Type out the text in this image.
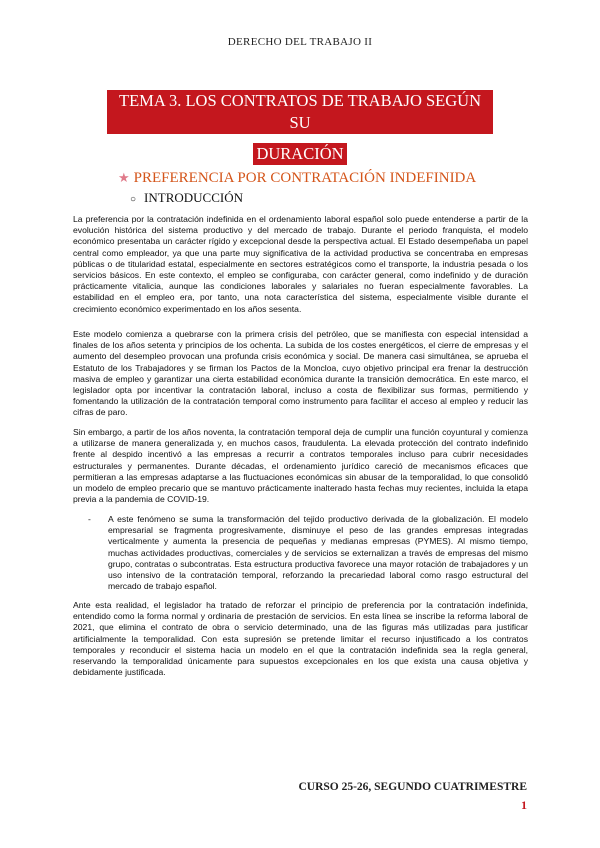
DERECHO DEL TRABAJO II
TEMA 3. LOS CONTRATOS DE TRABAJO SEGÚN SU
DURACIÓN
★ PREFERENCIA POR CONTRATACIÓN INDEFINIDA
○ INTRODUCCIÓN
La preferencia por la contratación indefinida en el ordenamiento laboral español solo puede entenderse a partir de la evolución histórica del sistema productivo y del mercado de trabajo. Durante el periodo franquista, el modelo económico presentaba un carácter rígido y excepcional desde la perspectiva actual. El Estado desempeñaba un papel central como empleador, ya que una parte muy significativa de la actividad productiva se concentraba en empresas públicas o de titularidad estatal, especialmente en sectores estratégicos como el transporte, la industria pesada o los servicios básicos. En este contexto, el empleo se configuraba, con carácter general, como indefinido y de duración prácticamente vitalicia, aunque las condiciones laborales y salariales no fueran especialmente favorables. La estabilidad en el empleo era, por tanto, una nota característica del sistema, especialmente visible durante el crecimiento económico experimentado en los años sesenta.
Este modelo comienza a quebrarse con la primera crisis del petróleo, que se manifiesta con especial intensidad a finales de los años setenta y principios de los ochenta. La subida de los costes energéticos, el cierre de empresas y el aumento del desempleo provocan una profunda crisis económica y social. De manera casi simultánea, se aprueba el Estatuto de los Trabajadores y se firman los Pactos de la Moncloa, cuyo objetivo principal era frenar la destrucción masiva de empleo y garantizar una cierta estabilidad económica durante la transición democrática. En este marco, el legislador opta por incentivar la contratación laboral, incluso a costa de flexibilizar sus formas, permitiendo y fomentando la utilización de la contratación temporal como instrumento para facilitar el acceso al empleo y reducir las cifras de paro.
Sin embargo, a partir de los años noventa, la contratación temporal deja de cumplir una función coyuntural y comienza a utilizarse de manera generalizada y, en muchos casos, fraudulenta. La elevada protección del contrato indefinido frente al despido incentivó a las empresas a recurrir a contratos temporales incluso para cubrir necesidades estructurales y permanentes. Durante décadas, el ordenamiento jurídico careció de mecanismos eficaces que permitieran a las empresas adaptarse a las fluctuaciones económicas sin abusar de la temporalidad, lo que consolidó un modelo de empleo precario que se mantuvo prácticamente inalterado hasta fechas muy recientes, incluida la etapa previa a la pandemia de COVID-19.
- A este fenómeno se suma la transformación del tejido productivo derivada de la globalización. El modelo empresarial se fragmenta progresivamente, disminuye el peso de las grandes empresas integradas verticalmente y aumenta la presencia de pequeñas y medianas empresas (PYMES). Al mismo tiempo, muchas actividades productivas, comerciales y de servicios se externalizan a través de empresas del mismo grupo, contratas o subcontratas. Esta estructura productiva favorece una mayor rotación de trabajadores y un uso intensivo de la contratación temporal, reforzando la precariedad laboral como rasgo estructural del mercado de trabajo español.
Ante esta realidad, el legislador ha tratado de reforzar el principio de preferencia por la contratación indefinida, entendido como la forma normal y ordinaria de prestación de servicios. En esta línea se inscribe la reforma laboral de 2021, que elimina el contrato de obra o servicio determinado, una de las figuras más utilizadas para justificar artificialmente la temporalidad. Con esta supresión se pretende limitar el recurso injustificado a los contratos temporales y reconducir el sistema hacia un modelo en el que la contratación indefinida sea la regla general, reservando la temporalidad únicamente para supuestos excepcionales en los que exista una causa objetiva y debidamente justificada.
CURSO 25-26, SEGUNDO CUATRIMESTRE
1
